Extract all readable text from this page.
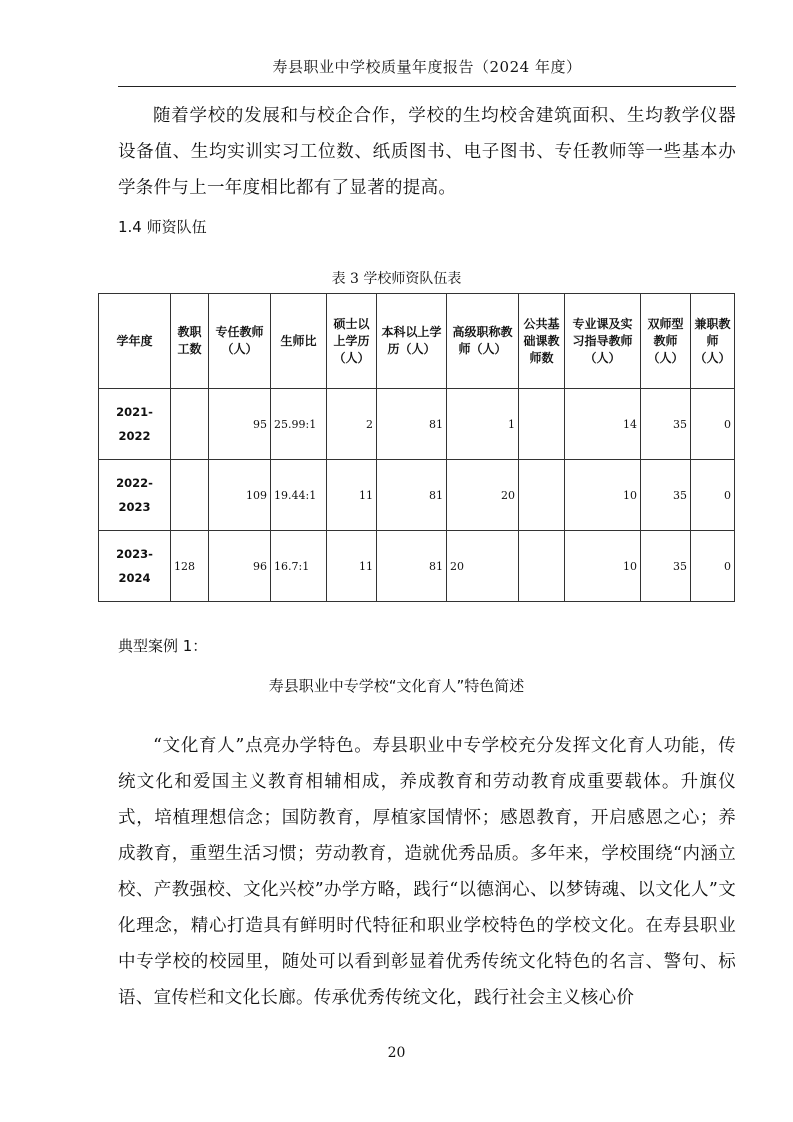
寿县职业中学校质量年度报告（2024 年度）

随着学校的发展和与校企合作，学校的生均校舍建筑面积、生均教学仪器设备值、生均实训实习工位数、纸质图书、电子图书、专任教师等一些基本办学条件与上一年度相比都有了显著的提高。

1.4 师资队伍
表 3 学校师资队伍表
学年度	教职工数	专任教师（人）	生师比	硕士以上学历（人）	本科以上学历（人）	高级职称教师（人）	公共基础课教师数	专业课及实习指导教师（人）	双师型 教师（人）	兼职教师（人）
2021-2022		95	25.99:1	2	81	1		14	35	0
2022-2023		109	19.44:1	11	81	20		10	35	0
2023-2024	128	96	16.7:1	11	81	20		10	35	0
典型案例 1：
寿县职业中专学校“文化育人”特色简述

“文化育人”点亮办学特色。寿县职业中专学校充分发挥文化育人功能，传统文化和爱国主义教育相辅相成，养成教育和劳动教育成重要载体。升旗仪式，培植理想信念；国防教育，厚植家国情怀；感恩教育，开启感恩之心；养成教育，重塑生活习惯；劳动教育，造就优秀品质。多年来，学校围绕“内涵立校、产教强校、文化兴校”办学方略，践行“以德润心、以梦铸魂、以文化人”文化理念，精心打造具有鲜明时代特征和职业学校特色的学校文化。在寿县职业中专学校的校园里，随处可以看到彰显着优秀传统文化特色的名言、警句、标语、宣传栏和文化长廊。传承优秀传统文化，践行社会主义核心价

20
